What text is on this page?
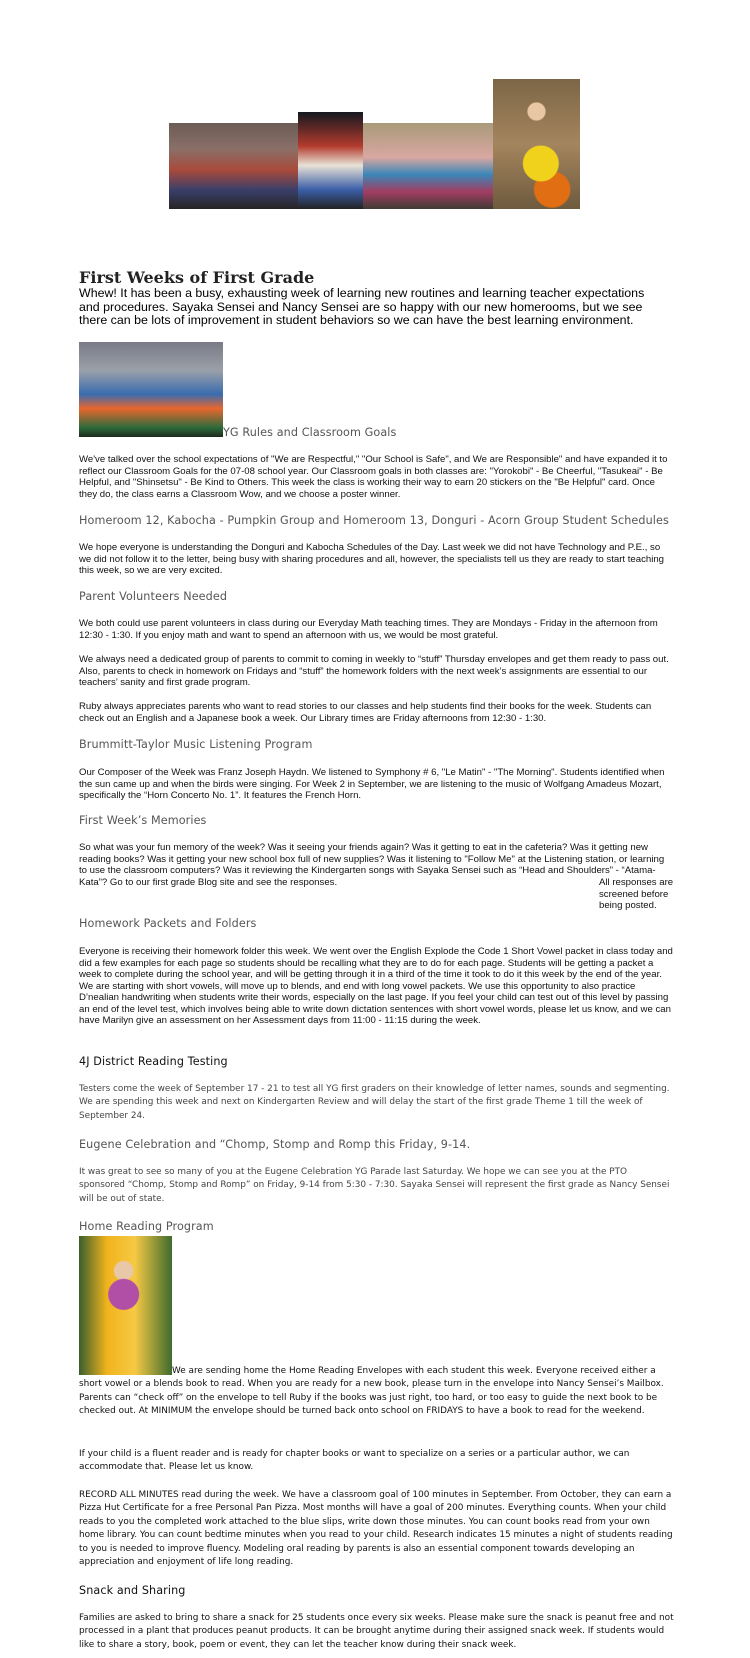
First Weeks of First Grade
Whew! It has been a busy, exhausting week of learning new routines and learning teacher expectations and procedures. Sayaka Sensei and Nancy Sensei are so happy with our new homerooms, but we see there can be lots of improvement in student behaviors so we can have the best learning environment.
YG Rules and Classroom Goals

We've talked over the school expectations of "We are Respectful," "Our School is Safe", and We are Responsible" and have expanded it to reflect our Classroom Goals for the 07-08 school year. Our Classroom goals in both classes are: "Yorokobi" - Be Cheerful, "Tasukeai" - Be Helpful, and "Shinsetsu" - Be Kind to Others. This week the class is working their way to earn 20 stickers on the "Be Helpful" card. Once they do, the class earns a Classroom Wow, and we choose a poster winner.

Homeroom 12, Kabocha - Pumpkin Group and Homeroom 13, Donguri - Acorn Group Student Schedules

We hope everyone is understanding the Donguri and Kabocha Schedules of the Day. Last week we did not have Technology and P.E., so we did not follow it to the letter, being busy with sharing procedures and all, however, the specialists tell us they are ready to start teaching this week, so we are very excited.

Parent Volunteers Needed

We both could use parent volunteers in class during our Everyday Math teaching times. They are Mondays - Friday in the afternoon from 12:30 - 1:30. If you enjoy math and want to spend an afternoon with us, we would be most grateful.

We always need a dedicated group of parents to commit to coming in weekly to “stuff” Thursday envelopes and get them ready to pass out. Also, parents to check in homework on Fridays and “stuff” the homework folders with the next week’s assignments are essential to our teachers’ sanity and first grade program.

Ruby always appreciates parents who want to read stories to our classes and help students find their books for the week. Students can check out an English and a Japanese book a week. Our Library times are Friday afternoons from 12:30 - 1:30.

Brummitt-Taylor Music Listening Program

Our Composer of the Week was Franz Joseph Haydn. We listened to Symphony # 6, "Le Matin" - "The Morning". Students identified when the sun came up and when the birds were singing. For Week 2 in September, we are listening to the music of Wolfgang Amadeus Mozart, specifically the “Horn Concerto No. 1”. It features the French Horn.

First Week’s Memories

So what was your fun memory of the week? Was it seeing your friends again? Was it getting to eat in the cafeteria? Was it getting new reading books? Was it getting your new school box full of new supplies? Was it listening to "Follow Me" at the Listening station, or learning to use the classroom computers? Was it reviewing the Kindergarten songs with Sayaka Sensei such as “Head and Shoulders” - “Atama- Kata”? Go to our first grade Blog site and see the responses.	All responses are screened before being posted.
Homework Packets and Folders

Everyone is receiving their homework folder this week. We went over the English Explode the Code 1 Short Vowel packet in class today and did a few examples for each page so students should be recalling what they are to do for each page. Students will be getting a packet a week to complete during the school year, and will be getting through it in a third of the time it took to do it this week by the end of the year. We are starting with short vowels, will move up to blends, and end with long vowel packets. We use this opportunity to also practice D’nealian handwriting when students write their words, especially on the last page. If you feel your child can test out of this level by passing an end of the level test, which involves being able to write down dictation sentences with short vowel words, please let us know, and we can have Marilyn give an assessment on her Assessment days from 11:00 - 11:15 during the week.

4J District Reading Testing

Testers come the week of September 17 - 21 to test all YG first graders on their knowledge of letter names, sounds and segmenting. We are spending this week and next on Kindergarten Review and will delay the start of the first grade Theme 1 till the week of September 24.

Eugene Celebration and “Chomp, Stomp and Romp this Friday, 9-14.

It was great to see so many of you at the Eugene Celebration YG Parade last Saturday. We hope we can see you at the PTO sponsored “Chomp, Stomp and Romp” on Friday, 9-14 from 5:30 - 7:30. Sayaka Sensei will represent the first grade as Nancy Sensei will be out of state.

Home Reading Program

We are sending home the Home Reading Envelopes with each student this week. Everyone received either a short vowel or a blends book to read. When you are ready for a new book, please turn in the envelope into Nancy Sensei’s Mailbox. Parents can “check off” on the envelope to tell Ruby if the books was just right, too hard, or too easy to guide the next book to be checked out. At MINIMUM the envelope should be turned back onto school on FRIDAYS to have a book to read for the weekend.

If your child is a fluent reader and is ready for chapter books or want to specialize on a series or a particular author, we can accommodate that. Please let us know.

RECORD ALL MINUTES read during the week. We have a classroom goal of 100 minutes in September. From October, they can earn a Pizza Hut Certificate for a free Personal Pan Pizza. Most months will have a goal of 200 minutes. Everything counts. When your child reads to you the completed work attached to the blue slips, write down those minutes. You can count books read from your own home library. You can count bedtime minutes when you read to your child. Research indicates 15 minutes a night of students reading to you is needed to improve fluency. Modeling oral reading by parents is also an essential component towards developing an appreciation and enjoyment of life long reading.

Snack and Sharing

Families are asked to bring to share a snack for 25 students once every six weeks. Please make sure the snack is peanut free and not processed in a plant that produces peanut products. It can be brought anytime during their assigned snack week. If students would like to share a story, book, poem or event, they can let the teacher know during their snack week.
